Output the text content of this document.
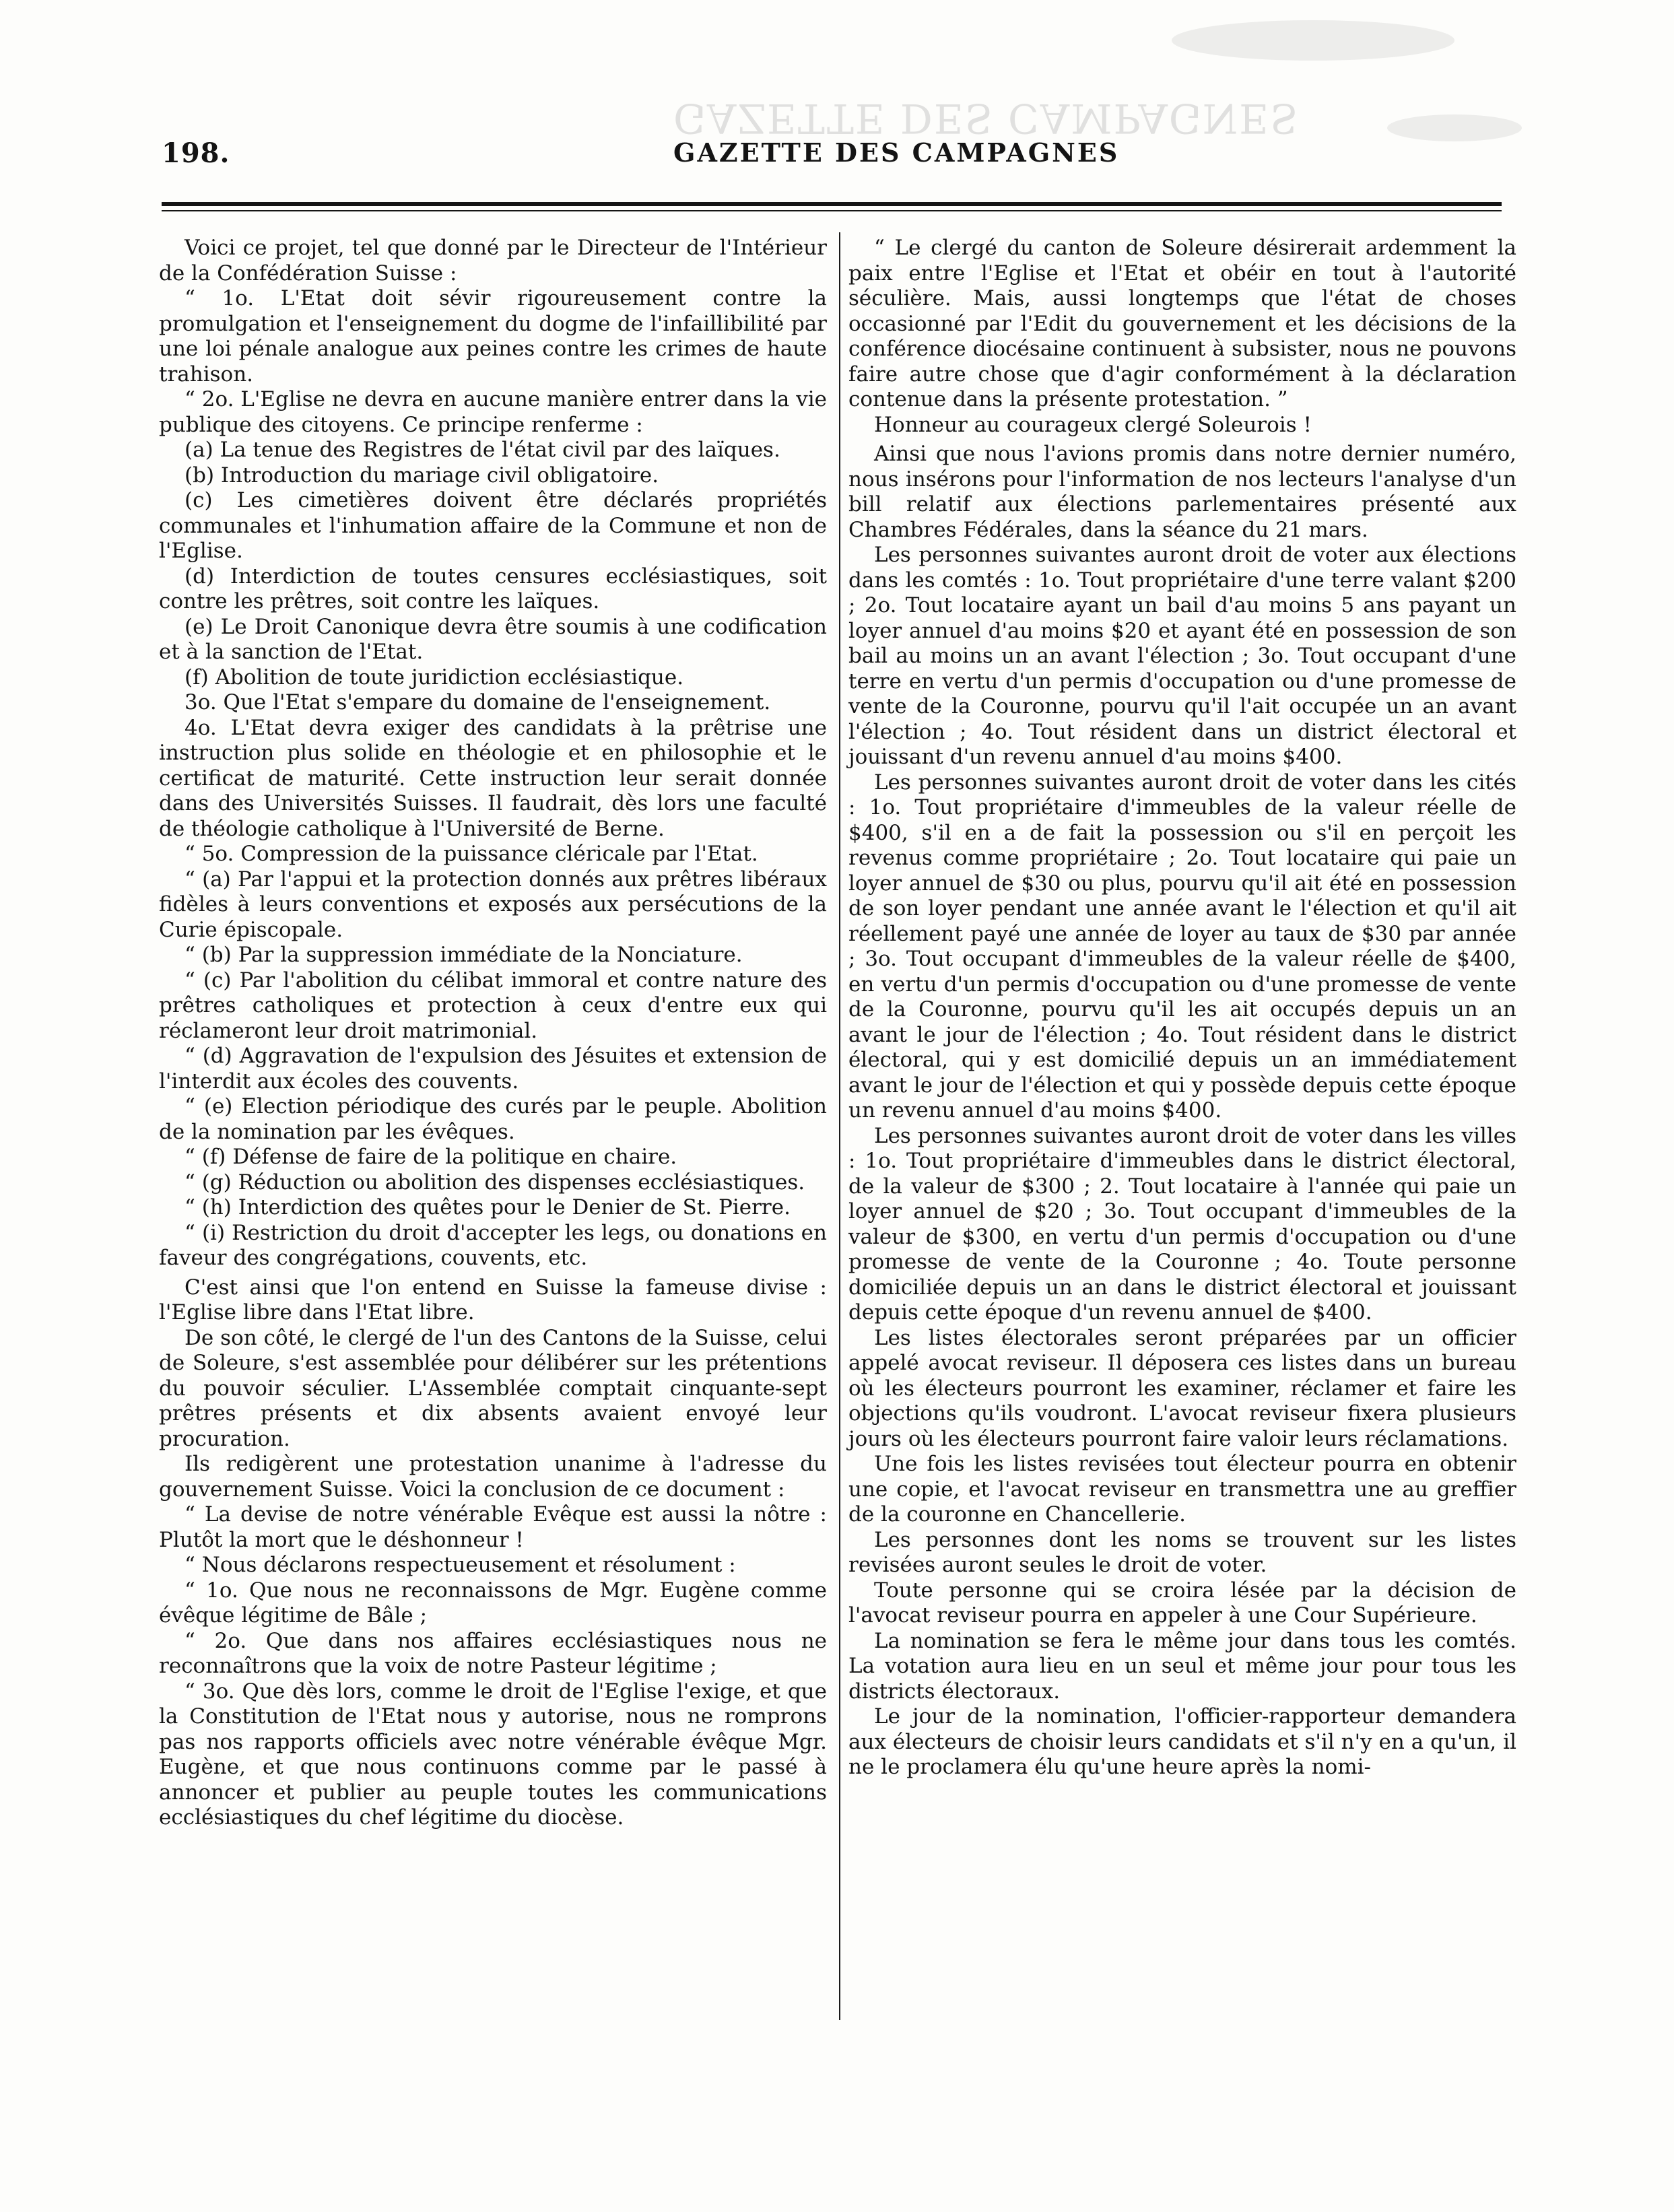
GAZETTE DES CAMPAGNES
198.	GAZETTE DES CAMPAGNES

Voici ce projet, tel que donné par le Directeur de l'Intérieur de la Confédération Suisse :

“ 1o. L'Etat doit sévir rigoureusement contre la promulgation et l'enseignement du dogme de l'infaillibilité par une loi pénale analogue aux peines contre les crimes de haute trahison.

“ 2o. L'Eglise ne devra en aucune manière entrer dans la vie publique des citoyens. Ce principe renferme :

(a) La tenue des Registres de l'état civil par des laïques.

(b) Introduction du mariage civil obligatoire.

(c) Les cimetières doivent être déclarés propriétés communales et l'inhumation affaire de la Commune et non de l'Eglise.

(d) Interdiction de toutes censures ecclésiastiques, soit contre les prêtres, soit contre les laïques.

(e) Le Droit Canonique devra être soumis à une codification et à la sanction de l'Etat.

(f) Abolition de toute juridiction ecclésiastique.

3o. Que l'Etat s'empare du domaine de l'enseignement.

4o. L'Etat devra exiger des candidats à la prêtrise une instruction plus solide en théologie et en philosophie et le certificat de maturité. Cette instruction leur serait donnée dans des Universités Suisses. Il faudrait, dès lors une faculté de théologie catholique à l'Université de Berne.

“ 5o. Compression de la puissance cléricale par l'Etat.

“ (a) Par l'appui et la protection donnés aux prêtres libéraux fidèles à leurs conventions et exposés aux persécutions de la Curie épiscopale.

“ (b) Par la suppression immédiate de la Nonciature.

“ (c) Par l'abolition du célibat immoral et contre nature des prêtres catholiques et protection à ceux d'entre eux qui réclameront leur droit matrimonial.

“ (d) Aggravation de l'expulsion des Jésuites et extension de l'interdit aux écoles des couvents.

“ (e) Election périodique des curés par le peuple. Abolition de la nomination par les évêques.

“ (f) Défense de faire de la politique en chaire.

“ (g) Réduction ou abolition des dispenses ecclésiastiques.

“ (h) Interdiction des quêtes pour le Denier de St. Pierre.

“ (i) Restriction du droit d'accepter les legs, ou donations en faveur des congrégations, couvents, etc.

C'est ainsi que l'on entend en Suisse la fameuse divise : l'Eglise libre dans l'Etat libre.

De son côté, le clergé de l'un des Cantons de la Suisse, celui de Soleure, s'est assemblée pour délibérer sur les prétentions du pouvoir séculier. L'Assemblée comptait cinquante-sept prêtres présents et dix absents avaient envoyé leur procuration.

Ils redigèrent une protestation unanime à l'adresse du gouvernement Suisse. Voici la conclusion de ce document :

“ La devise de notre vénérable Evêque est aussi la nôtre : Plutôt la mort que le déshonneur !

“ Nous déclarons respectueusement et résolument :

“ 1o. Que nous ne reconnaissons de Mgr. Eugène comme évêque légitime de Bâle ;

“ 2o. Que dans nos affaires ecclésiastiques nous ne reconnaîtrons que la voix de notre Pasteur légitime ;

“ 3o. Que dès lors, comme le droit de l'Eglise l'exige, et que la Constitution de l'Etat nous y autorise, nous ne romprons pas nos rapports officiels avec notre vénérable évêque Mgr. Eugène, et que nous continuons comme par le passé à annoncer et publier au peuple toutes les communications ecclésiastiques du chef légitime du diocèse.

“ Le clergé du canton de Soleure désirerait ardemment la paix entre l'Eglise et l'Etat et obéir en tout à l'autorité séculière. Mais, aussi longtemps que l'état de choses occasionné par l'Edit du gouvernement et les décisions de la conférence diocésaine continuent à subsister, nous ne pouvons faire autre chose que d'agir conformément à la déclaration contenue dans la présente protestation. ”

Honneur au courageux clergé Soleurois !

Ainsi que nous l'avions promis dans notre dernier numéro, nous insérons pour l'information de nos lecteurs l'analyse d'un bill relatif aux élections parlementaires présenté aux Chambres Fédérales, dans la séance du 21 mars.

Les personnes suivantes auront droit de voter aux élections dans les comtés : 1o. Tout propriétaire d'une terre valant $200 ; 2o. Tout locataire ayant un bail d'au moins 5 ans payant un loyer annuel d'au moins $20 et ayant été en possession de son bail au moins un an avant l'élection ; 3o. Tout occupant d'une terre en vertu d'un permis d'occupation ou d'une promesse de vente de la Couronne, pourvu qu'il l'ait occupée un an avant l'élection ; 4o. Tout résident dans un district électoral et jouissant d'un revenu annuel d'au moins $400.

Les personnes suivantes auront droit de voter dans les cités : 1o. Tout propriétaire d'immeubles de la valeur réelle de $400, s'il en a de fait la possession ou s'il en perçoit les revenus comme propriétaire ; 2o. Tout locataire qui paie un loyer annuel de $30 ou plus, pourvu qu'il ait été en possession de son loyer pendant une année avant le l'élection et qu'il ait réellement payé une année de loyer au taux de $30 par année ; 3o. Tout occupant d'immeubles de la valeur réelle de $400, en vertu d'un permis d'occupation ou d'une promesse de vente de la Couronne, pourvu qu'il les ait occupés depuis un an avant le jour de l'élection ; 4o. Tout résident dans le district électoral, qui y est domicilié depuis un an immédiatement avant le jour de l'élection et qui y possède depuis cette époque un revenu annuel d'au moins $400.

Les personnes suivantes auront droit de voter dans les villes : 1o. Tout propriétaire d'immeubles dans le district électoral, de la valeur de $300 ; 2. Tout locataire à l'année qui paie un loyer annuel de $20 ; 3o. Tout occupant d'immeubles de la valeur de $300, en vertu d'un permis d'occupation ou d'une promesse de vente de la Couronne ; 4o. Toute personne domiciliée depuis un an dans le district électoral et jouissant depuis cette époque d'un revenu annuel de $400.

Les listes électorales seront préparées par un officier appelé avocat reviseur. Il déposera ces listes dans un bureau où les électeurs pourront les examiner, réclamer et faire les objections qu'ils voudront. L'avocat reviseur fixera plusieurs jours où les électeurs pourront faire valoir leurs réclamations.

Une fois les listes revisées tout électeur pourra en obtenir une copie, et l'avocat reviseur en transmettra une au greffier de la couronne en Chancellerie.

Les personnes dont les noms se trouvent sur les listes revisées auront seules le droit de voter.

Toute personne qui se croira lésée par la décision de l'avocat reviseur pourra en appeler à une Cour Supérieure.

La nomination se fera le même jour dans tous les comtés. La votation aura lieu en un seul et même jour pour tous les districts électoraux.

Le jour de la nomination, l'officier-rapporteur demandera aux électeurs de choisir leurs candidats et s'il n'y en a qu'un, il ne le proclamera élu qu'une heure après la nomi-
